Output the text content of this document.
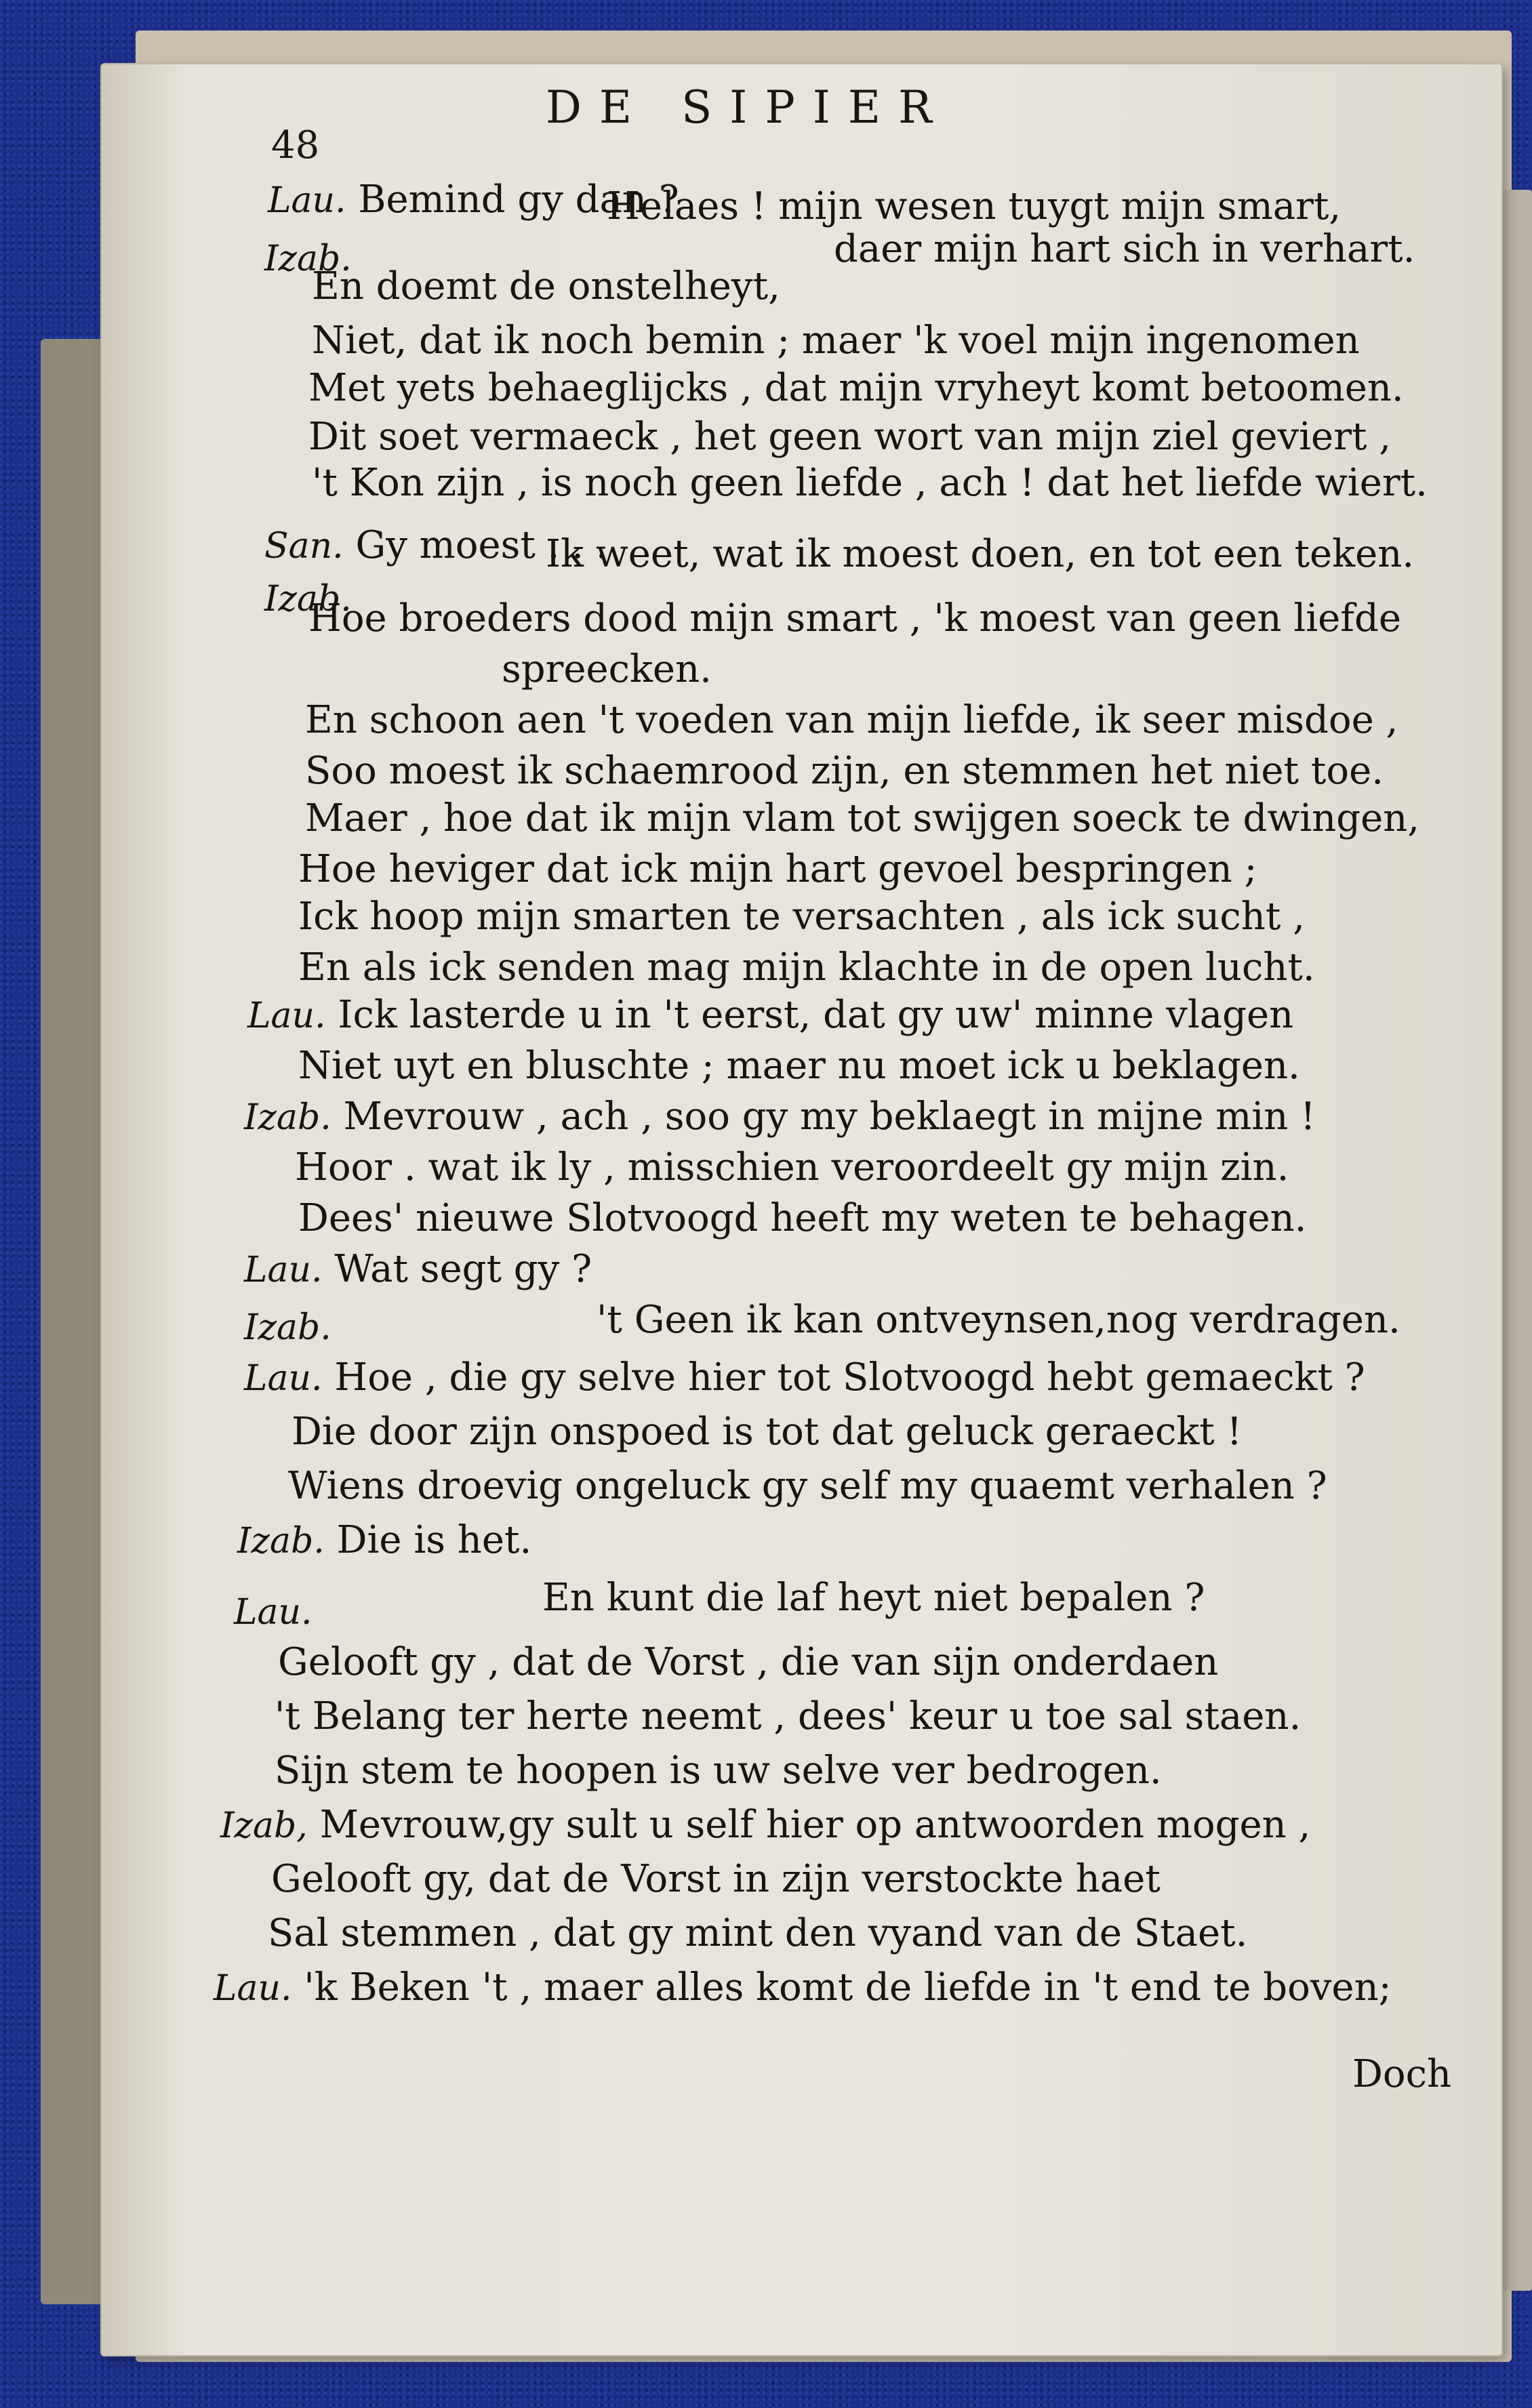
DE SIPIER
48
Lau. Bemind gy dan ?
Helaes ! mijn wesen tuygt mijn smart,
Izab.	daer mijn hart sich in verhart.
En doemt de onstelheyt,
Niet, dat ik noch bemin ; maer 'k voel mijn ingenomen
Met yets behaeglijcks , dat mijn vryheyt komt betoomen.
Dit soet vermaeck , het geen wort van mijn ziel geviert ,
't Kon zijn , is noch geen liefde , ach ! dat het liefde wiert.
San. Gy moest . . .
Ik weet, wat ik moest doen, en tot een teken.
Izab.
Hoe broeders dood mijn smart , 'k moest van geen liefde
spreecken.
En schoon aen 't voeden van mijn liefde, ik seer misdoe ,
Soo moest ik schaemrood zijn, en stemmen het niet toe.
Maer , hoe dat ik mijn vlam tot swijgen soeck te dwingen,
Hoe heviger dat ick mijn hart gevoel bespringen ;
Ick hoop mijn smarten te versachten , als ick sucht ,
En als ick senden mag mijn klachte in de open lucht.
Lau. Ick lasterde u in 't eerst, dat gy uw' minne vlagen
Niet uyt en bluschte ; maer nu moet ick u beklagen.
Izab. Mevrouw , ach , soo gy my beklaegt in mijne min !
Hoor . wat ik ly , misschien veroordeelt gy mijn zin.
Dees' nieuwe Slotvoogd heeft my weten te behagen.
Lau. Wat segt gy ?
Izab.	't Geen ik kan ontveynsen,nog verdragen.
Lau. Hoe , die gy selve hier tot Slotvoogd hebt gemaeckt ?
Die door zijn onspoed is tot dat geluck geraeckt !
Wiens droevig ongeluck gy self my quaemt verhalen ?
Izab. Die is het.
Lau.	En kunt die laf heyt niet bepalen ?
Gelooft gy , dat de Vorst , die van sijn onderdaen
't Belang ter herte neemt , dees' keur u toe sal staen.
Sijn stem te hoopen is uw selve ver bedrogen.
Izab, Mevrouw,gy sult u self hier op antwoorden mogen ,
Gelooft gy, dat de Vorst in zijn verstockte haet
Sal stemmen , dat gy mint den vyand van de Staet.
Lau. 'k Beken 't , maer alles komt de liefde in 't end te boven;
Doch
